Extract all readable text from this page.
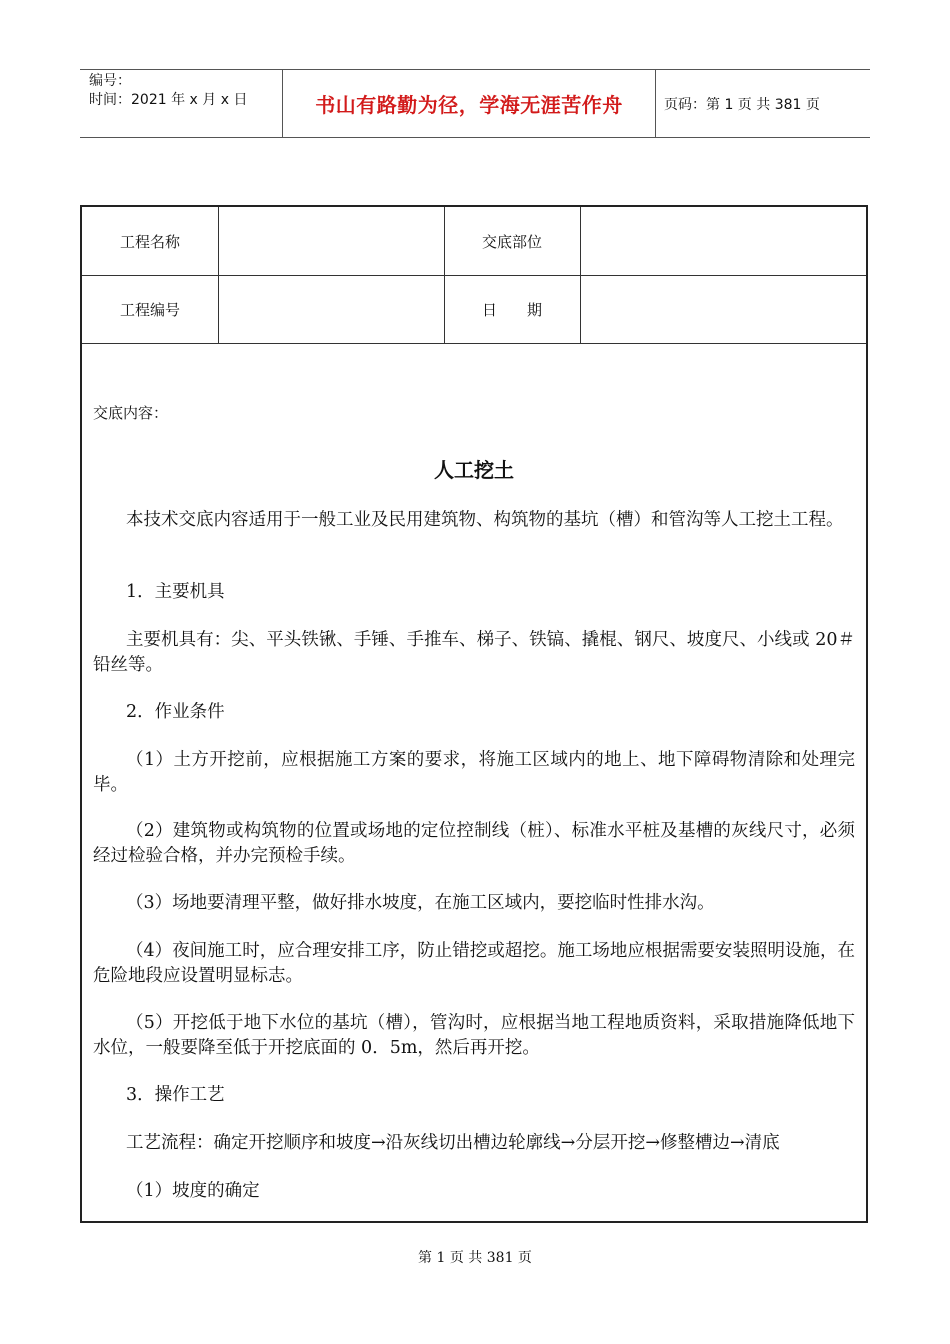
编号：
时间：2021 年 x 月 x 日	书山有路勤为径，学海无涯苦作舟	页码：第 1 页 共 381 页
工程名称	交底部位
工程编号	日期
交底内容：
人工挖土
本技术交底内容适用于一般工业及民用建筑物、构筑物的基坑（槽）和管沟等人工挖土工程。
1．主要机具
主要机具有：尖、平头铁锹、手锤、手推车、梯子、铁镐、撬棍、钢尺、坡度尺、小线或 20＃铅丝等。
2．作业条件
（1）土方开挖前，应根据施工方案的要求，将施工区域内的地上、地下障碍物清除和处理完毕。
（2）建筑物或构筑物的位置或场地的定位控制线（桩）、标准水平桩及基槽的灰线尺寸，必须经过检验合格，并办完预检手续。
（3）场地要清理平整，做好排水坡度，在施工区域内，要挖临时性排水沟。
（4）夜间施工时，应合理安排工序，防止错挖或超挖。施工场地应根据需要安装照明设施，在危险地段应设置明显标志。
（5）开挖低于地下水位的基坑（槽），管沟时，应根据当地工程地质资料，采取措施降低地下水位，一般要降至低于开挖底面的 0．5m，然后再开挖。
3．操作工艺
工艺流程：确定开挖顺序和坡度→沿灰线切出槽边轮廓线→分层开挖→修整槽边→清底
（1）坡度的确定
第 1 页 共 381 页
